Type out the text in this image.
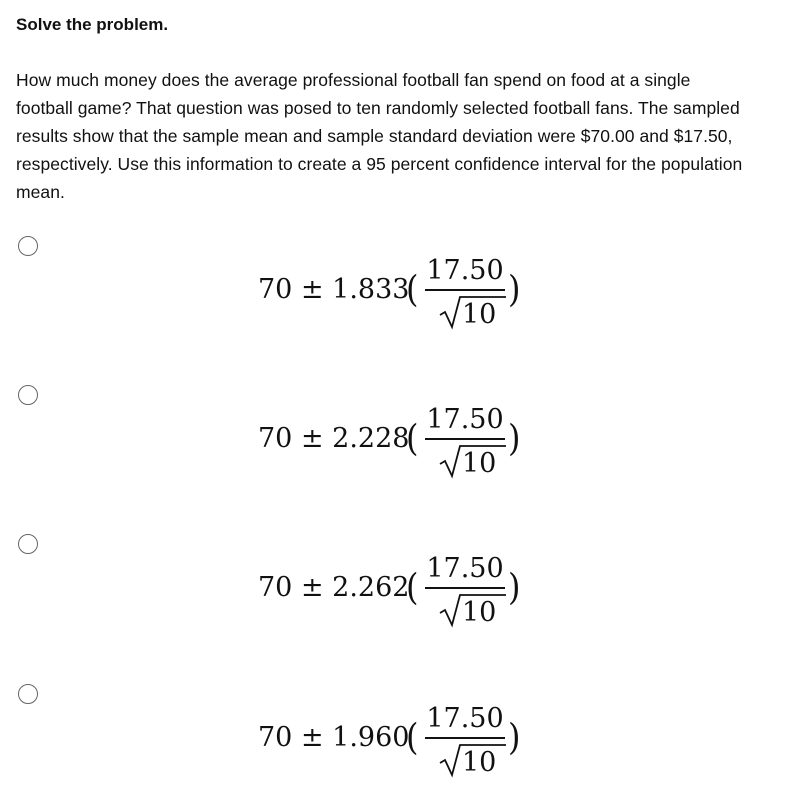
Solve the problem.
How much money does the average professional football fan spend on food at a single football game? That question was posed to ten randomly selected football fans. The sampled results show that the sample mean and sample standard deviation were $70.00 and $17.50, respectively. Use this information to create a 95 percent confidence interval for the population mean.
70 ± 1.833
( 17.50
10
)
70 ± 2.228
( 17.50
10
)
70 ± 2.262
( 17.50
10
)
70 ± 1.960
( 17.50
10
)
